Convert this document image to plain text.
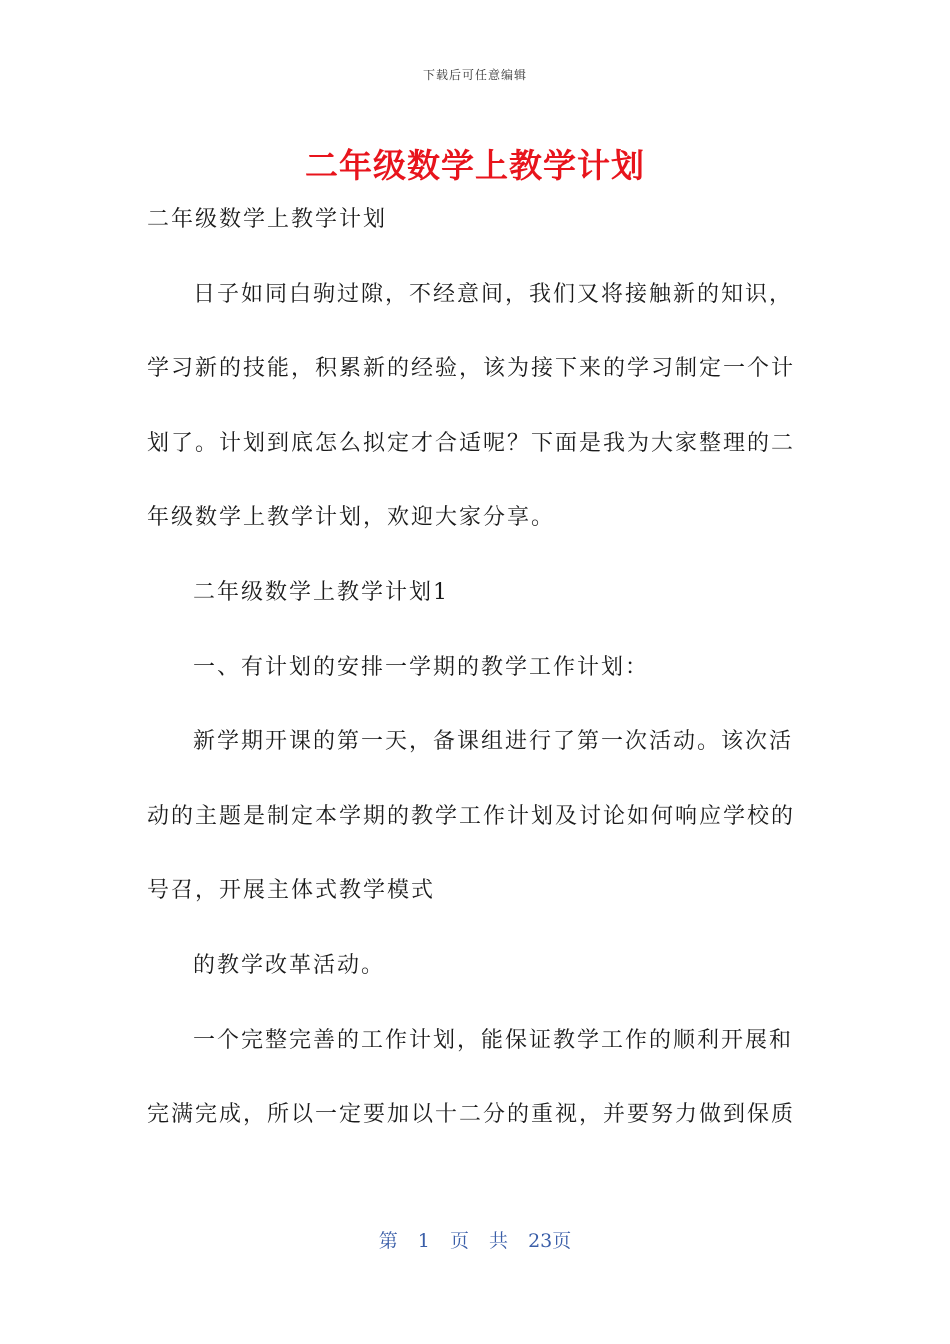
下载后可任意编辑
二年级数学上教学计划
二年级数学上教学计划
日子如同白驹过隙，不经意间，我们又将接触新的知识，
学习新的技能，积累新的经验，该为接下来的学习制定一个计
划了。计划到底怎么拟定才合适呢？下面是我为大家整理的二
年级数学上教学计划，欢迎大家分享。
二年级数学上教学计划1
一、有计划的安排一学期的教学工作计划：
新学期开课的第一天，备课组进行了第一次活动。该次活
动的主题是制定本学期的教学工作计划及讨论如何响应学校的
号召，开展主体式教学模式
的教学改革活动。
一个完整完善的工作计划，能保证教学工作的顺利开展和
完满完成，所以一定要加以十二分的重视，并要努力做到保质
第 1 页 共 23页
